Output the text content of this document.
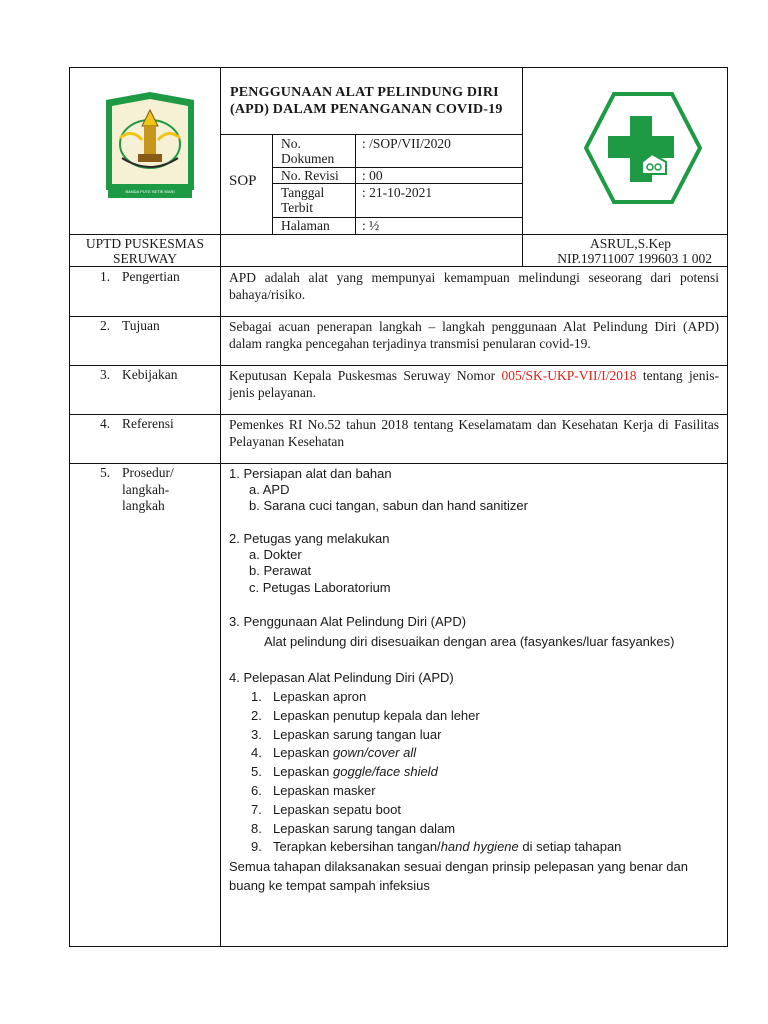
BANDA PUTE SETIE MARI
PENGGUNAAN ALAT PELINDUNG DIRI
(APD) DALAM PENANGANAN COVID-19
SOP
No.
Dokumen
: /SOP/VII/2020
No. Revisi : 00
Tanggal
Terbit
: 21-10-2021
Halaman : ½
UPTD PUSKESMAS
SERUWAY
ASRUL,S.Kep
NIP.19711007 199603 1 002
1. Pengertian	APD adalah alat yang mempunyai kemampuan melindungi seseorang dari potensi bahaya/risiko.
2. Tujuan	Sebagai acuan penerapan langkah – langkah penggunaan Alat Pelindung Diri (APD) dalam rangka pencegahan terjadinya transmisi penularan covid-19.
3. Kebijakan	Keputusan Kepala Puskesmas Seruway Nomor 005/SK-UKP-VII/I/2018 tentang jenis-jenis pelayanan.
4. Referensi	Pemenkes RI No.52 tahun 2018 tentang Keselamatam dan Kesehatan Kerja di Fasilitas Pelayanan Kesehatan
5. Prosedur/
langkah-
langkah
1. Persiapan alat dan bahan
a. APD
b. Sarana cuci tangan, sabun dan hand sanitizer
2. Petugas yang melakukan
a. Dokter
b. Perawat
c. Petugas Laboratorium
3. Penggunaan Alat Pelindung Diri (APD)
Alat pelindung diri disesuaikan dengan area (fasyankes/luar fasyankes)
4. Pelepasan Alat Pelindung Diri (APD)
1. Lepaskan apron
2. Lepaskan penutup kepala dan leher
3. Lepaskan sarung tangan luar
4. Lepaskan gown/cover all
5. Lepaskan goggle/face shield
6. Lepaskan masker
7. Lepaskan sepatu boot
8. Lepaskan sarung tangan dalam
9. Terapkan kebersihan tangan/hand hygiene di setiap tahapan
Semua tahapan dilaksanakan sesuai dengan prinsip pelepasan yang benar dan buang ke tempat sampah infeksius
